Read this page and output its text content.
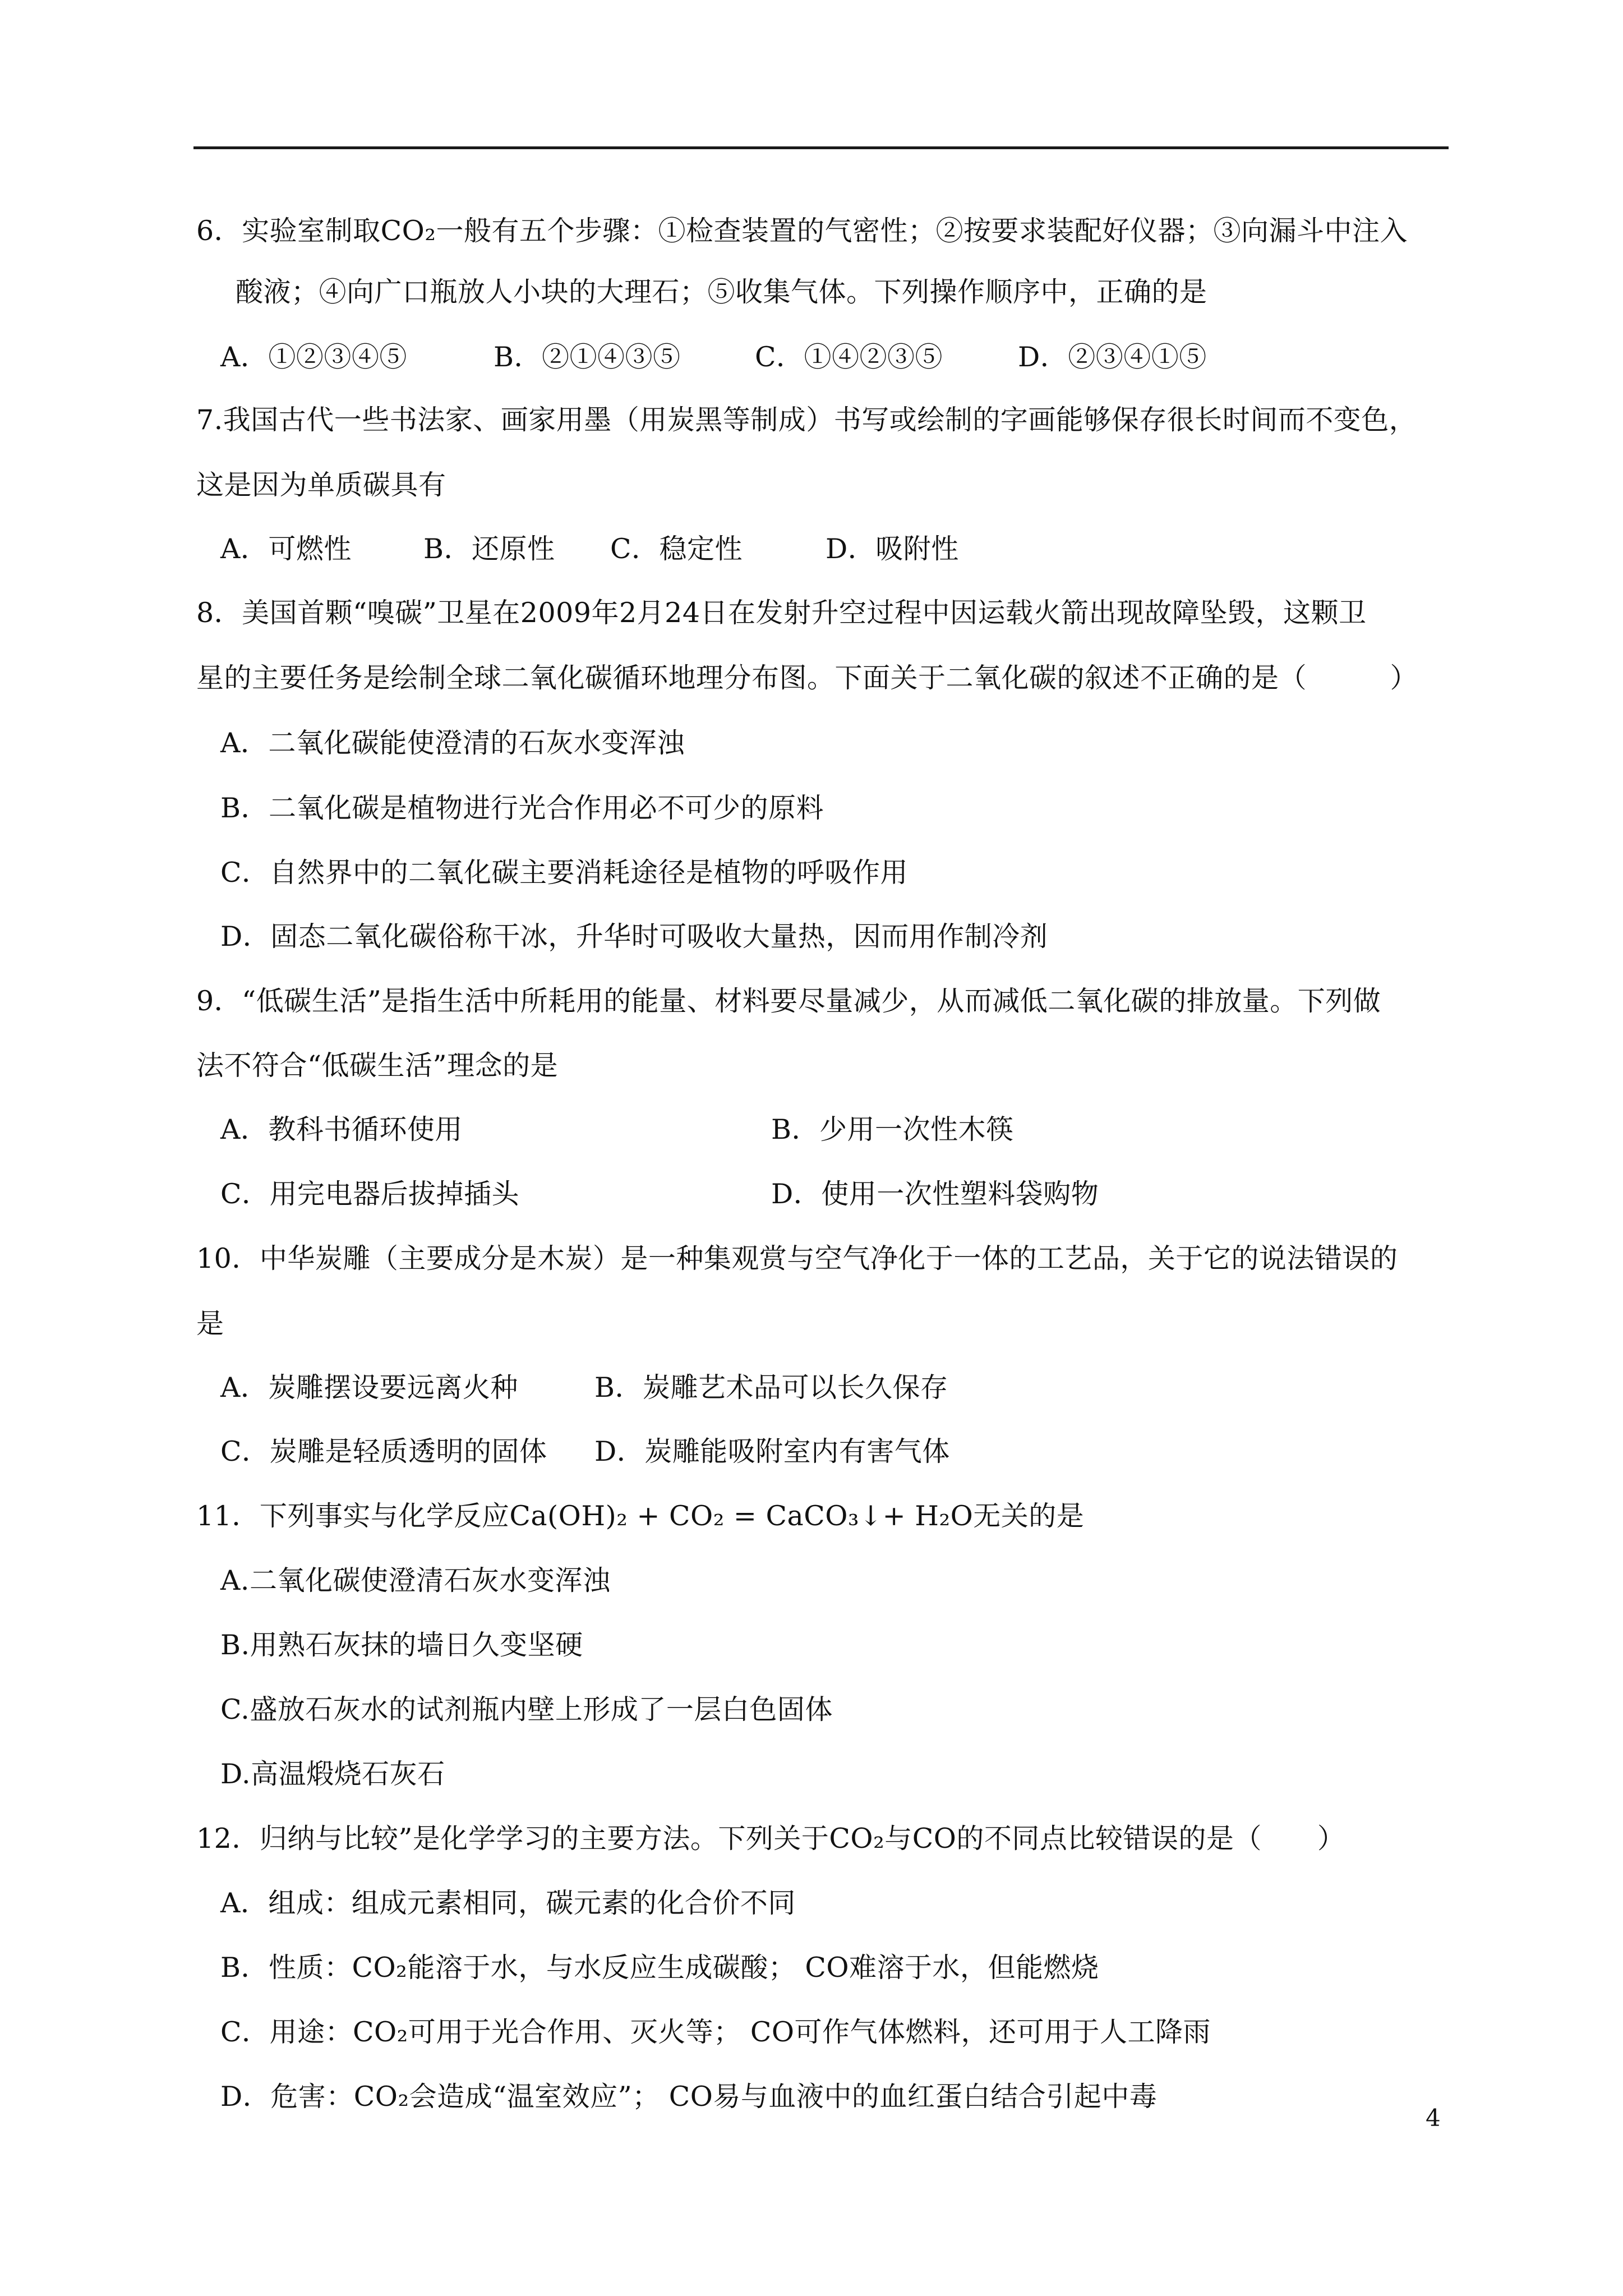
6．实验室制取CO₂一般有五个步骤：①检查装置的气密性；②按要求装配好仪器；③向漏斗中注入
酸液；④向广口瓶放人小块的大理石；⑤收集气体。下列操作顺序中，正确的是
A．①②③④⑤	B．②①④③⑤	C．①④②③⑤	D．②③④①⑤
7.我国古代一些书法家、画家用墨（用炭黑等制成）书写或绘制的字画能够保存很长时间而不变色，
这是因为单质碳具有
A．可燃性	B．还原性 C．稳定性	D．吸附性
8．美国首颗“嗅碳”卫星在2009年2月24日在发射升空过程中因运载火箭出现故障坠毁，这颗卫
星的主要任务是绘制全球二氧化碳循环地理分布图。下面关于二氧化碳的叙述不正确的是（　　　）
A．二氧化碳能使澄清的石灰水变浑浊
B．二氧化碳是植物进行光合作用必不可少的原料
C．自然界中的二氧化碳主要消耗途径是植物的呼吸作用
D．固态二氧化碳俗称干冰，升华时可吸收大量热，因而用作制冷剂
9．“低碳生活”是指生活中所耗用的能量、材料要尽量减少，从而减低二氧化碳的排放量。下列做
法不符合“低碳生活”理念的是
A．教科书循环使用	B．少用一次性木筷
C．用完电器后拔掉插头	D．使用一次性塑料袋购物
10．中华炭雕（主要成分是木炭）是一种集观赏与空气净化于一体的工艺品，关于它的说法错误的
是
A．炭雕摆设要远离火种	B．炭雕艺术品可以长久保存
C．炭雕是轻质透明的固体 D．炭雕能吸附室内有害气体
11．下列事实与化学反应Ca(OH)₂ + CO₂ = CaCO₃↓+ H₂O无关的是
A.二氧化碳使澄清石灰水变浑浊
B.用熟石灰抹的墙日久变坚硬
C.盛放石灰水的试剂瓶内壁上形成了一层白色固体
D.高温煅烧石灰石
12．归纳与比较”是化学学习的主要方法。下列关于CO₂与CO的不同点比较错误的是（　　）
A．组成：组成元素相同，碳元素的化合价不同
B．性质：CO₂能溶于水，与水反应生成碳酸； CO难溶于水，但能燃烧
C．用途：CO₂可用于光合作用、灭火等； CO可作气体燃料，还可用于人工降雨
D．危害：CO₂会造成“温室效应”； CO易与血液中的血红蛋白结合引起中毒
4
